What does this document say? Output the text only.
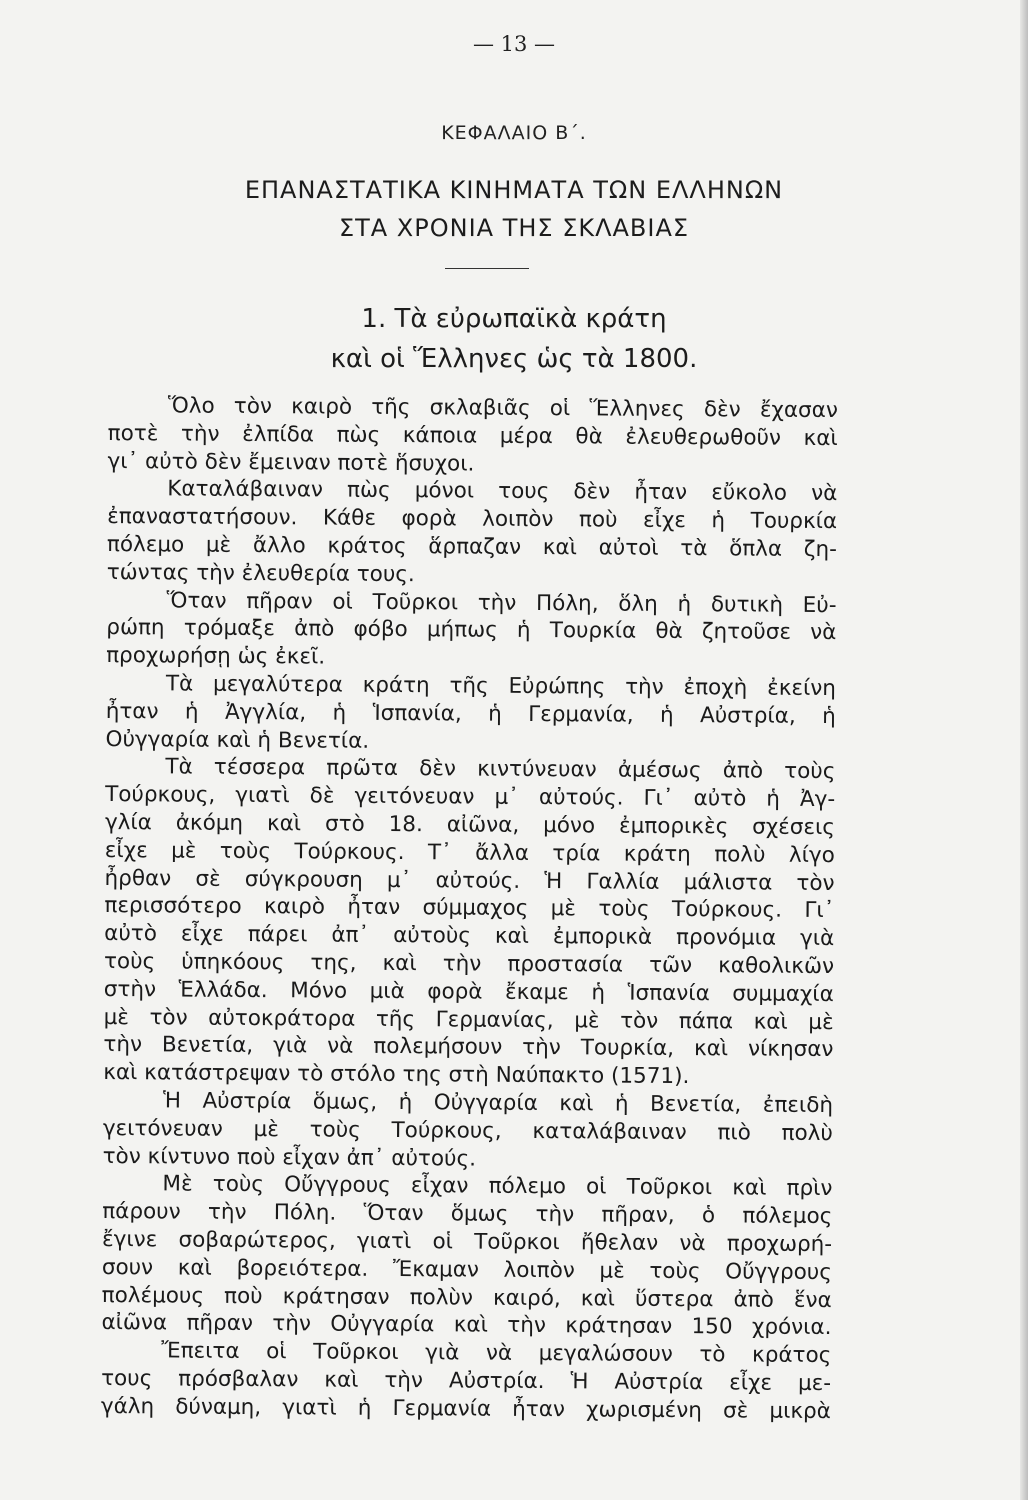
— 13 —
ΚΕΦΑΛΑΙΟ Β΄.
ΕΠΑΝΑΣΤΑΤΙΚΑ ΚΙΝΗΜΑΤΑ ΤΩΝ ΕΛΛΗΝΩΝ
ΣΤΑ ΧΡΟΝΙΑ ΤΗΣ ΣΚΛΑΒΙΑΣ
1. Τὰ εὐρωπαϊκὰ κράτη
καὶ οἱ Ἕλληνες ὡς τὰ 1800.
Ὅλο τὸν καιρὸ τῆς σκλαβιᾶς οἱ Ἕλληνες δὲν ἔχασαν
ποτὲ τὴν ἐλπίδα πὼς κάποια μέρα θὰ ἐλευθερωθοῦν καὶ
γι᾿ αὐτὸ δὲν ἔμειναν ποτὲ ἥσυχοι.
Καταλάβαιναν πὼς μόνοι τους δὲν ἦταν εὔκολο νὰ
ἐπαναστατήσουν. Κάθε φορὰ λοιπὸν ποὺ εἶχε ἡ Τουρκία
πόλεμο μὲ ἄλλο κράτος ἅρπαζαν καὶ αὐτοὶ τὰ ὅπλα ζη-
τώντας τὴν ἐλευθερία τους.
Ὅταν πῆραν οἱ Τοῦρκοι τὴν Πόλη, ὅλη ἡ δυτικὴ Εὐ-
ρώπη τρόμαξε ἀπὸ φόβο μήπως ἡ Τουρκία θὰ ζητοῦσε νὰ
προχωρήσῃ ὡς ἐκεῖ.
Τὰ μεγαλύτερα κράτη τῆς Εὐρώπης τὴν ἐποχὴ ἐκείνη
ἦταν ἡ Ἀγγλία, ἡ Ἱσπανία, ἡ Γερμανία, ἡ Αὐστρία, ἡ
Οὐγγαρία καὶ ἡ Βενετία.
Τὰ τέσσερα πρῶτα δὲν κιντύνευαν ἀμέσως ἀπὸ τοὺς
Τούρκους, γιατὶ δὲ γειτόνευαν μ᾿ αὐτούς. Γι᾿ αὐτὸ ἡ Ἀγ-
γλία ἀκόμη καὶ στὸ 18. αἰῶνα, μόνο ἐμπορικὲς σχέσεις
εἶχε μὲ τοὺς Τούρκους. Τ᾿ ἄλλα τρία κράτη πολὺ λίγο
ἦρθαν σὲ σύγκρουση μ᾿ αὐτούς. Ἡ Γαλλία μάλιστα τὸν
περισσότερο καιρὸ ἦταν σύμμαχος μὲ τοὺς Τούρκους. Γι᾿
αὐτὸ εἶχε πάρει ἀπ᾿ αὐτοὺς καὶ ἐμπορικὰ προνόμια γιὰ
τοὺς ὑπηκόους της, καὶ τὴν προστασία τῶν καθολικῶν
στὴν Ἑλλάδα. Μόνο μιὰ φορὰ ἔκαμε ἡ Ἱσπανία συμμαχία
μὲ τὸν αὐτοκράτορα τῆς Γερμανίας, μὲ τὸν πάπα καὶ μὲ
τὴν Βενετία, γιὰ νὰ πολεμήσουν τὴν Τουρκία, καὶ νίκησαν
καὶ κατάστρεψαν τὸ στόλο της στὴ Ναύπακτο (1571).
Ἡ Αὐστρία ὅμως, ἡ Οὐγγαρία καὶ ἡ Βενετία, ἐπειδὴ
γειτόνευαν μὲ τοὺς Τούρκους, καταλάβαιναν πιὸ πολὺ
τὸν κίντυνο ποὺ εἶχαν ἀπ᾿ αὐτούς.
Μὲ τοὺς Οὔγγρους εἶχαν πόλεμο οἱ Τοῦρκοι καὶ πρὶν
πάρουν τὴν Πόλη. Ὅταν ὅμως τὴν πῆραν, ὁ πόλεμος
ἔγινε σοβαρώτερος, γιατὶ οἱ Τοῦρκοι ἤθελαν νὰ προχωρή-
σουν καὶ βορειότερα. Ἔκαμαν λοιπὸν μὲ τοὺς Οὔγγρους
πολέμους ποὺ κράτησαν πολὺν καιρό, καὶ ὕστερα ἀπὸ ἕνα
αἰῶνα πῆραν τὴν Οὐγγαρία καὶ τὴν κράτησαν 150 χρόνια.
Ἔπειτα οἱ Τοῦρκοι γιὰ νὰ μεγαλώσουν τὸ κράτος
τους πρόσβαλαν καὶ τὴν Αὐστρία. Ἡ Αὐστρία εἶχε με-
γάλη δύναμη, γιατὶ ἡ Γερμανία ἦταν χωρισμένη σὲ μικρὰ
